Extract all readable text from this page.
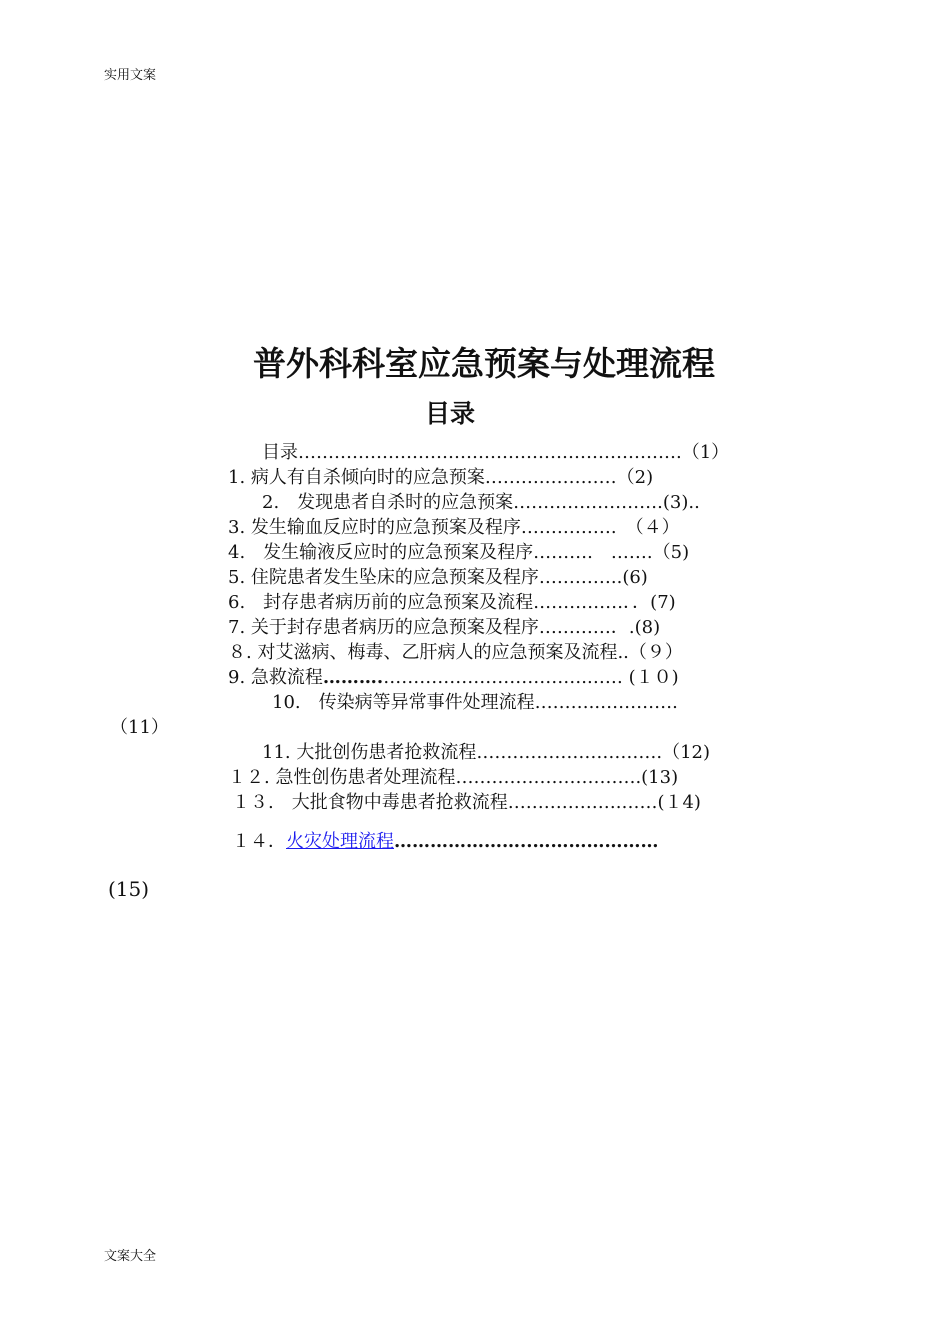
实用文案
普外科科室应急预案与处理流程
目录
目录……………………………………………………….（1）
1. 病人有自杀倾向时的应急预案……….…………（2)
2.　发现患者自杀时的应急预案…………………….(3)..
3. 发生输血反应时的应急预案及程序…………….　（４）
4.　发生输液反应时的应急预案及程序……….　…….（5)
5. 住院患者发生坠床的应急预案及程序…………..(6)
6.　封存患者病历前的应急预案及流程……………．．(7)
7. 关于封存患者病历的应急预案及程序…………．.(8)
８. 对艾滋病、梅毒、乙肝病人的应急预案及流程..（９）
9. 急救流程……….…………………………….…… (１０)
10.　传染病等异常事件处理流程………..………….
（11）
11. 大批创伤患者抢救流程………………………….（12)
１２. 急性创伤患者处理流程………………………….(13)
１３.　大批食物中毒患者抢救流程……………….……(１4)
１４．火灾处理流程…………………..…………………
(15)
文案大全
